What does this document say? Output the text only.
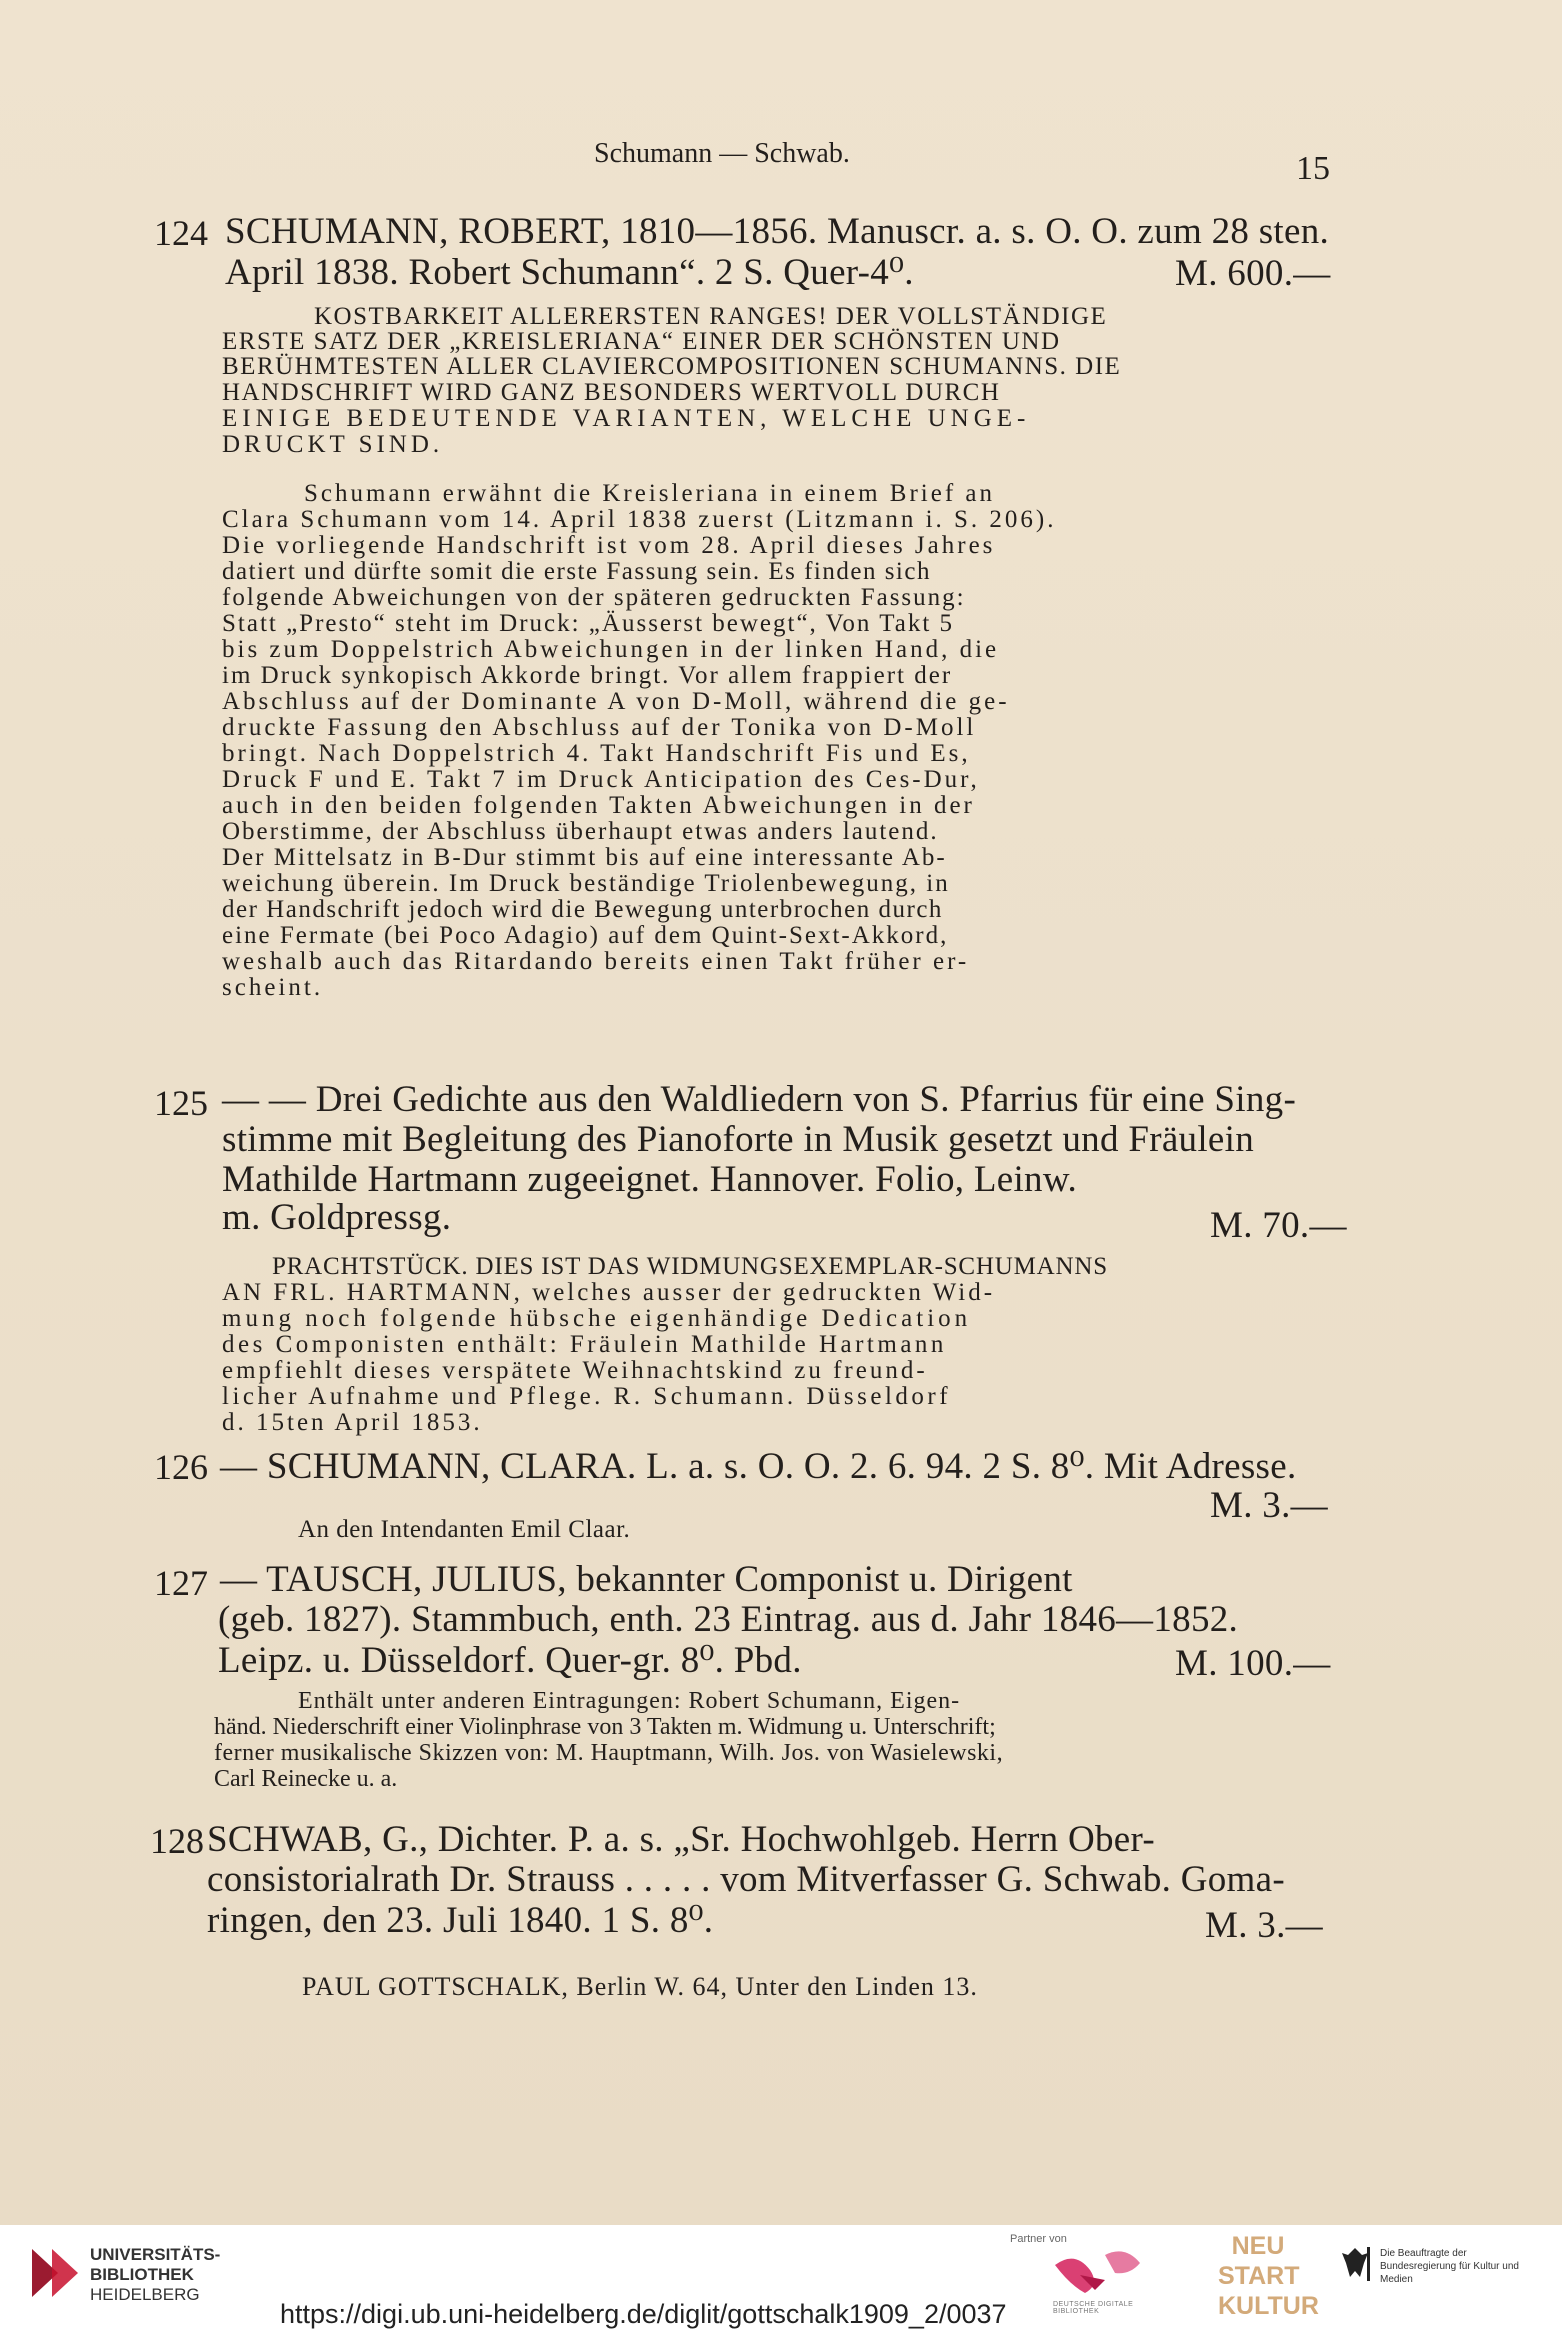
Schumann — Schwab.	15
124 SCHUMANN, ROBERT, 1810—1856. Manuscr. a. s. O. O. zum 28 sten.
April 1838. Robert Schumann“. 2 S. Quer-4⁰.	M. 600.—
KOSTBARKEIT ALLERERSTEN RANGES! DER VOLLSTÄNDIGE
ERSTE SATZ DER „KREISLERIANA“ EINER DER SCHÖNSTEN UND
BERÜHMTESTEN ALLER CLAVIERCOMPOSITIONEN SCHUMANNS. DIE
HANDSCHRIFT WIRD GANZ BESONDERS WERTVOLL DURCH
EINIGE BEDEUTENDE VARIANTEN, WELCHE UNGE-
DRUCKT SIND.
Schumann erwähnt die Kreisleriana in einem Brief an
Clara Schumann vom 14. April 1838 zuerst (Litzmann i. S. 206).
Die vorliegende Handschrift ist vom 28. April dieses Jahres
datiert und dürfte somit die erste Fassung sein. Es finden sich
folgende Abweichungen von der späteren gedruckten Fassung:
Statt „Presto“ steht im Druck: „Äusserst bewegt“, Von Takt 5
bis zum Doppelstrich Abweichungen in der linken Hand, die
im Druck synkopisch Akkorde bringt. Vor allem frappiert der
Abschluss auf der Dominante A von D-Moll, während die ge-
druckte Fassung den Abschluss auf der Tonika von D-Moll
bringt. Nach Doppelstrich 4. Takt Handschrift Fis und Es,
Druck F und E. Takt 7 im Druck Anticipation des Ces-Dur,
auch in den beiden folgenden Takten Abweichungen in der
Oberstimme, der Abschluss überhaupt etwas anders lautend.
Der Mittelsatz in B-Dur stimmt bis auf eine interessante Ab-
weichung überein. Im Druck beständige Triolenbewegung, in
der Handschrift jedoch wird die Bewegung unterbrochen durch
eine Fermate (bei Poco Adagio) auf dem Quint-Sext-Akkord,
weshalb auch das Ritardando bereits einen Takt früher er-
scheint.
125 — — Drei Gedichte aus den Waldliedern von S. Pfarrius für eine Sing-
stimme mit Begleitung des Pianoforte in Musik gesetzt und Fräulein
Mathilde Hartmann zugeeignet. Hannover. Folio, Leinw.
m. Goldpressg.	M. 70.—
PRACHTSTÜCK. DIES IST DAS WIDMUNGSEXEMPLAR-SCHUMANNS
AN FRL. HARTMANN, welches ausser der gedruckten Wid-
mung noch folgende hübsche eigenhändige Dedication
des Componisten enthält: Fräulein Mathilde Hartmann
empfiehlt dieses verspätete Weihnachtskind zu freund-
licher Aufnahme und Pflege. R. Schumann. Düsseldorf
d. 15ten April 1853.
126 — SCHUMANN, CLARA. L. a. s. O. O. 2. 6. 94. 2 S. 8⁰. Mit Adresse.
M. 3.—
An den Intendanten Emil Claar.
127 — TAUSCH, JULIUS, bekannter Componist u. Dirigent
(geb. 1827). Stammbuch, enth. 23 Eintrag. aus d. Jahr 1846—1852.
Leipz. u. Düsseldorf. Quer-gr. 8⁰. Pbd.	M. 100.—
Enthält unter anderen Eintragungen: Robert Schumann, Eigen-
händ. Niederschrift einer Violinphrase von 3 Takten m. Widmung u. Unterschrift;
ferner musikalische Skizzen von: M. Hauptmann, Wilh. Jos. von Wasielewski,
Carl Reinecke u. a.
128 SCHWAB, G., Dichter. P. a. s. „Sr. Hochwohlgeb. Herrn Ober-
consistorialrath Dr. Strauss . . . . . vom Mitverfasser G. Schwab. Goma-
ringen, den 23. Juli 1840. 1 S. 8⁰.	M. 3.—
PAUL GOTTSCHALK, Berlin W. 64, Unter den Linden 13.
UNIVERSITÄTS-
BIBLIOTHEK
HEIDELBERG
https://digi.ub.uni-heidelberg.de/diglit/gottschalk1909_2/0037
Partner von
DEUTSCHE DIGITALE BIBLIOTHEK
NEU
START
KULTUR
Die Beauftragte der Bundesregierung für Kultur und Medien
